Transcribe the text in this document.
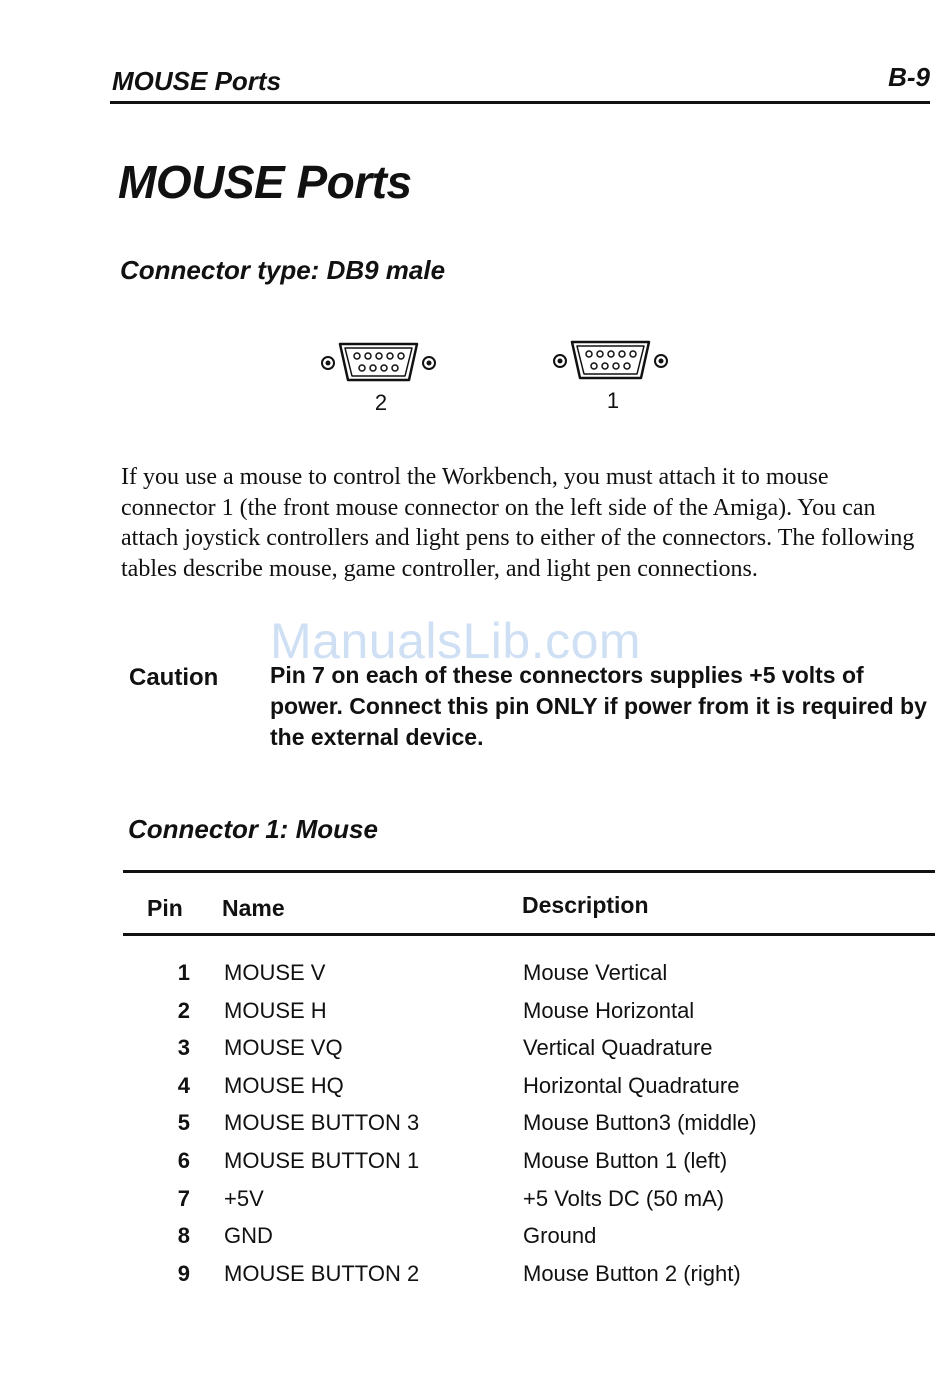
MOUSE Ports	B-9
MOUSE Ports
Connector type: DB9 male
2	1
If you use a mouse to control the Workbench, you must attach it to mouse connector 1 (the front mouse connector on the left side of the Amiga). You can attach joystick controllers and light pens to either of the connectors. The following tables describe mouse, game controller, and light pen connections.
ManualsLib.com
Caution Pin 7 on each of these connectors supplies +5 volts of power. Connect this pin ONLY if power from it is required by the external device.
Connector 1: Mouse
Pin Name	Description
1 MOUSE V	Mouse Vertical
2 MOUSE H	Mouse Horizontal
3 MOUSE VQ	Vertical Quadrature
4 MOUSE HQ	Horizontal Quadrature
5 MOUSE BUTTON 3	Mouse Button3 (middle)
6 MOUSE BUTTON 1	Mouse Button 1 (left)
7 +5V	+5 Volts DC (50 mA)
8 GND	Ground
9 MOUSE BUTTON 2	Mouse Button 2 (right)
